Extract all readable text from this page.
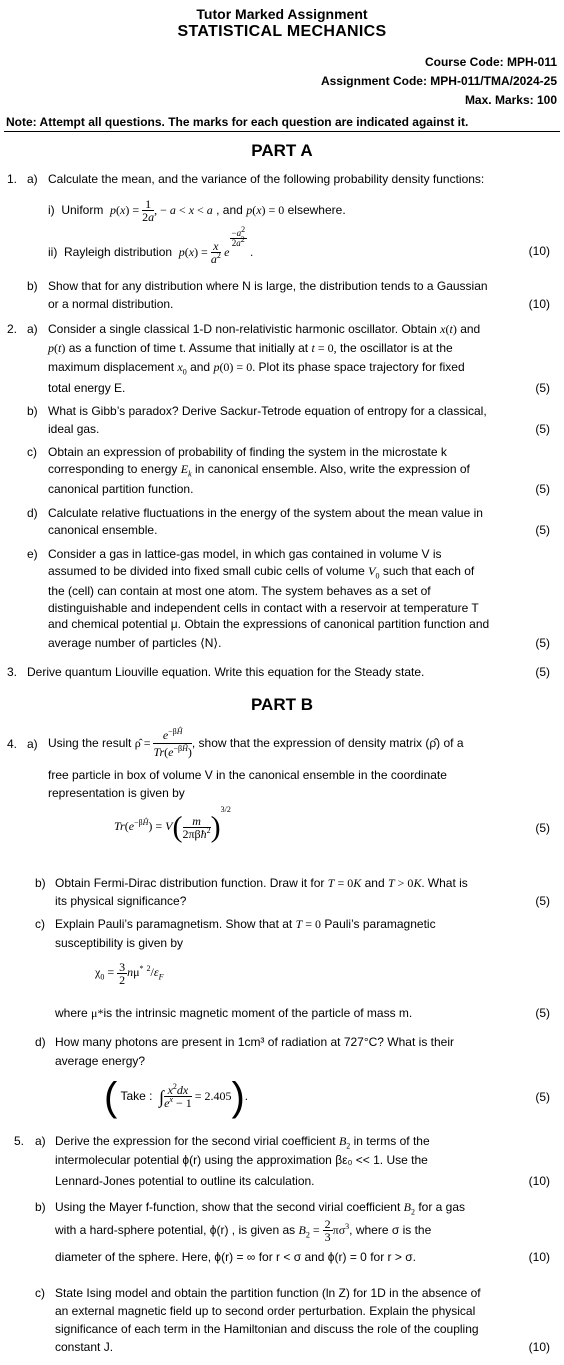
Tutor Marked Assignment
STATISTICAL MECHANICS
Course Code: MPH-011
Assignment Code: MPH-011/TMA/2024-25
Max. Marks: 100
Note: Attempt all questions. The marks for each question are indicated against it.
PART A
1. a) Calculate the mean, and the variance of the following probability density functions:
i) Uniform $p(x) = \frac{1}{2a}$ , − a < x < a , and p(x) = 0 elsewhere.
ii) Rayleigh distribution $p(x) = \frac{x}{a^2}$ e
$\frac{-a^2}{2a^2}$
.	(10)
b) Show that for any distribution where N is large, the distribution tends to a Gaussian
or a normal distribution.	(10)
2. a) Consider a single classical 1-D non-relativistic harmonic oscillator. Obtain x(t) and
p(t) as a function of time t. Assume that initially at t = 0, the oscillator is at the
maximum displacement $x_0$ and p(0) = 0. Plot its phase space trajectory for fixed
total energy E.	(5)
b) What is Gibb’s paradox? Derive Sackur-Tetrode equation of entropy for a classical,
ideal gas.	(5)
c) Obtain an expression of probability of finding the system in the microstate k
corresponding to energy $E_k$ in canonical ensemble. Also, write the expression of
canonical partition function.	(5)
d) Calculate relative fluctuations in the energy of the system about the mean value in
canonical ensemble.	(5)
e) Consider a gas in lattice-gas model, in which gas contained in volume V is
assumed to be divided into fixed small cubic cells of volume $V_0$ such that each of
the (cell) can contain at most one atom. The system behaves as a set of
distinguishable and independent cells in contact with a reservoir at temperature T
and chemical potential μ. Obtain the expressions of canonical partition function and
average number of particles ⟨N⟩.	(5)
3. Derive quantum Liouville equation. Write this equation for the Steady state.	(5)
PART B
4. a) Using the result ρ̂ = $\frac{e^{-\beta Ĥ}}{Tr(e^{-\beta Ĥ})}$ , show that the expression of density matrix (ρ̂) of a
free particle in box of volume V in the canonical ensemble in the coordinate
representation is given by
$Tr(e^{-\beta Ĥ}) = V( \frac{m}{2\pi\beta ħ^2} )^{3/2}$
(5)
b) Obtain Fermi-Dirac distribution function. Draw it for T = 0K and T > 0K. What is
its physical significance?	(5)
c) Explain Pauli’s paramagnetism. Show that at T = 0 Pauli’s paramagnetic
susceptibility is given by
$\chi_0 = \frac{3}{2} n\mu^*$ $^2/\varepsilon_F$
where μ*is the intrinsic magnetic moment of the particle of mass m.	(5)
d) How many photons are present in 1cm³ of radiation at 727°C? What is their
average energy?
( Take : ∫ $\frac{x^2dx}{e^x - 1} = 2.405$).	(5)
5. a) Derive the expression for the second virial coefficient $B_2$ in terms of the
intermolecular potential ϕ(r) using the approximation βε₀ << 1. Use the
Lennard-Jones potential to outline its calculation.	(10)
b) Using the Mayer f-function, show that the second virial coefficient $B_2$ for a gas
with a hard-sphere potential, ϕ(r) , is given as $B_2 = \frac{2}{3} \pi\sigma^3$, where σ is the
diameter of the sphere. Here, ϕ(r) = ∞ for r < σ and ϕ(r) = 0 for r > σ.	(10)
c) State Ising model and obtain the partition function (ln Z) for 1D in the absence of
an external magnetic field up to second order perturbation. Explain the physical
significance of each term in the Hamiltonian and discuss the role of the coupling
constant J.	(10)
